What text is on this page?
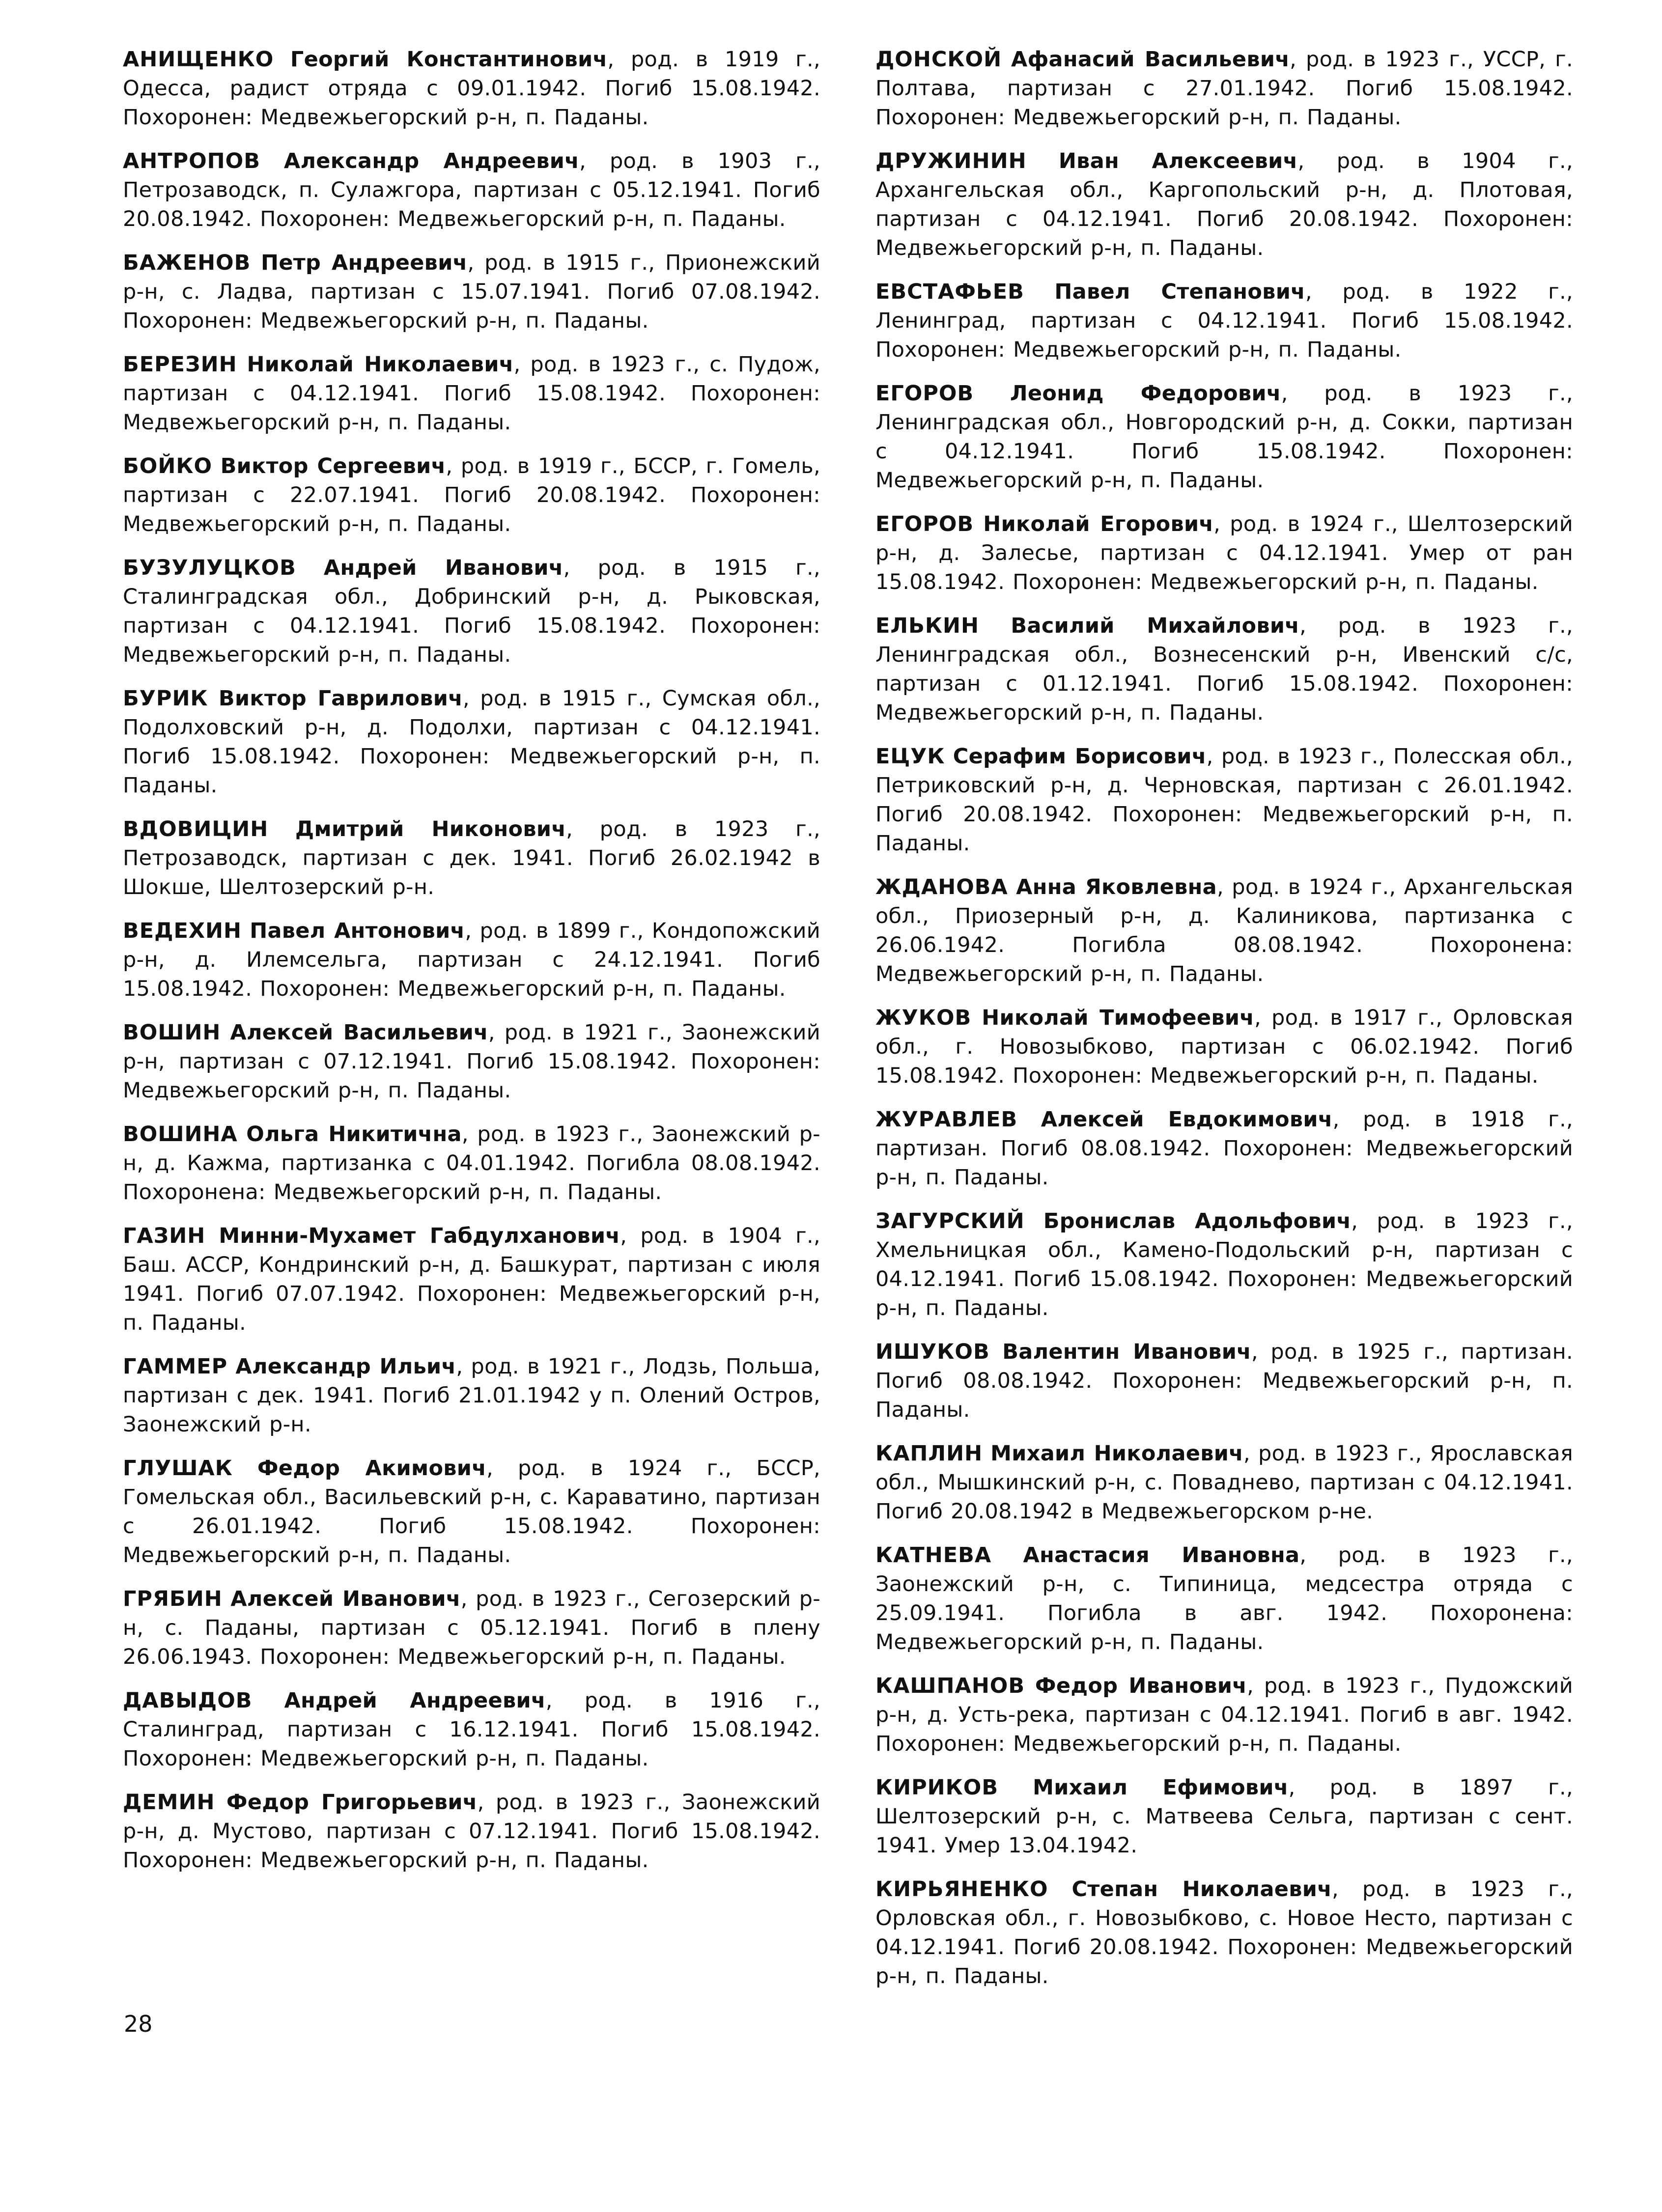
АНИЩЕНКО Георгий Константинович, род. в 1919 г., Одесса, радист отряда с 09.01.1942. Погиб 15.08.1942. Похоронен: Медвежьегорский р-н, п. Паданы.

АНТРОПОВ Александр Андреевич, род. в 1903 г., Петрозаводск, п. Сулажгора, партизан с 05.12.1941. Погиб 20.08.1942. Похоронен: Медвежьегорский р-н, п. Паданы.

БАЖЕНОВ Петр Андреевич, род. в 1915 г., Прионежский р-н, с. Ладва, партизан с 15.07.1941. Погиб 07.08.1942. Похоронен: Медвежьегорский р-н, п. Паданы.

БЕРЕЗИН Николай Николаевич, род. в 1923 г., с. Пудож, партизан с 04.12.1941. Погиб 15.08.1942. Похоронен: Медвежьегорский р-н, п. Паданы.

БОЙКО Виктор Сергеевич, род. в 1919 г., БССР, г. Гомель, партизан с 22.07.1941. Погиб 20.08.1942. Похоронен: Медвежьегорский р-н, п. Паданы.

БУЗУЛУЦКОВ Андрей Иванович, род. в 1915 г., Сталинградская обл., Добринский р-н, д. Рыковская, партизан с 04.12.1941. Погиб 15.08.1942. Похоронен: Медвежьегорский р-н, п. Паданы.

БУРИК Виктор Гаврилович, род. в 1915 г., Сумская обл., Подолховский р-н, д. Подолхи, партизан с 04.12.1941. Погиб 15.08.1942. Похоронен: Медвежьегорский р-н, п. Паданы.

ВДОВИЦИН Дмитрий Никонович, род. в 1923 г., Петрозаводск, партизан с дек. 1941. Погиб 26.02.1942 в Шокше, Шелтозерский р-н.

ВЕДЕХИН Павел Антонович, род. в 1899 г., Кондопожский р-н, д. Илемсельга, партизан с 24.12.1941. Погиб 15.08.1942. Похоронен: Медвежьегорский р-н, п. Паданы.

ВОШИН Алексей Васильевич, род. в 1921 г., Заонежский р-н, партизан с 07.12.1941. Погиб 15.08.1942. Похоронен: Медвежьегорский р-н, п. Паданы.

ВОШИНА Ольга Никитична, род. в 1923 г., Заонежский р-н, д. Кажма, партизанка с 04.01.1942. Погибла 08.08.1942. Похоронена: Медвежьегорский р-н, п. Паданы.

ГАЗИН Минни-Мухамет Габдулханович, род. в 1904 г., Баш. АССР, Кондринский р-н, д. Башкурат, партизан с июля 1941. Погиб 07.07.1942. Похоронен: Медвежьегорский р-н, п. Паданы.

ГАММЕР Александр Ильич, род. в 1921 г., Лодзь, Польша, партизан с дек. 1941. Погиб 21.01.1942 у п. Олений Остров, Заонежский р-н.

ГЛУШАК Федор Акимович, род. в 1924 г., БССР, Гомельская обл., Васильевский р-н, с. Караватино, партизан с 26.01.1942. Погиб 15.08.1942. Похоронен: Медвежьегорский р-н, п. Паданы.

ГРЯБИН Алексей Иванович, род. в 1923 г., Сегозерский р-н, с. Паданы, партизан с 05.12.1941. Погиб в плену 26.06.1943. Похоронен: Медвежьегорский р-н, п. Паданы.

ДАВЫДОВ Андрей Андреевич, род. в 1916 г., Сталинград, партизан с 16.12.1941. Погиб 15.08.1942. Похоронен: Медвежьегорский р-н, п. Паданы.

ДЕМИН Федор Григорьевич, род. в 1923 г., Заонежский р-н, д. Мустово, партизан с 07.12.1941. Погиб 15.08.1942. Похоронен: Медвежьегорский р-н, п. Паданы.

ДОНСКОЙ Афанасий Васильевич, род. в 1923 г., УССР, г. Полтава, партизан с 27.01.1942. Погиб 15.08.1942. Похоронен: Медвежьегорский р-н, п. Паданы.

ДРУЖИНИН Иван Алексеевич, род. в 1904 г., Архангельская обл., Каргопольский р-н, д. Плотовая, партизан с 04.12.1941. Погиб 20.08.1942. Похоронен: Медвежьегорский р-н, п. Паданы.

ЕВСТАФЬЕВ Павел Степанович, род. в 1922 г., Ленинград, партизан с 04.12.1941. Погиб 15.08.1942. Похоронен: Медвежьегорский р-н, п. Паданы.

ЕГОРОВ Леонид Федорович, род. в 1923 г., Ленинградская обл., Новгородский р-н, д. Сокки, партизан с 04.12.1941. Погиб 15.08.1942. Похоронен: Медвежьегорский р-н, п. Паданы.

ЕГОРОВ Николай Егорович, род. в 1924 г., Шелтозерский р-н, д. Залесье, партизан с 04.12.1941. Умер от ран 15.08.1942. Похоронен: Медвежьегорский р-н, п. Паданы.

ЕЛЬКИН Василий Михайлович, род. в 1923 г., Ленинградская обл., Вознесенский р-н, Ивенский с/с, партизан с 01.12.1941. Погиб 15.08.1942. Похоронен: Медвежьегорский р-н, п. Паданы.

ЕЦУК Серафим Борисович, род. в 1923 г., Полесская обл., Петриковский р-н, д. Черновская, партизан с 26.01.1942. Погиб 20.08.1942. Похоронен: Медвежьегорский р-н, п. Паданы.

ЖДАНОВА Анна Яковлевна, род. в 1924 г., Архангельская обл., Приозерный р-н, д. Калиникова, партизанка с 26.06.1942. Погибла 08.08.1942. Похоронена: Медвежьегорский р-н, п. Паданы.

ЖУКОВ Николай Тимофеевич, род. в 1917 г., Орловская обл., г. Новозыбково, партизан с 06.02.1942. Погиб 15.08.1942. Похоронен: Медвежьегорский р-н, п. Паданы.

ЖУРАВЛЕВ Алексей Евдокимович, род. в 1918 г., партизан. Погиб 08.08.1942. Похоронен: Медвежьегорский р-н, п. Паданы.

ЗАГУРСКИЙ Бронислав Адольфович, род. в 1923 г., Хмельницкая обл., Камено-Подольский р-н, партизан с 04.12.1941. Погиб 15.08.1942. Похоронен: Медвежьегорский р-н, п. Паданы.

ИШУКОВ Валентин Иванович, род. в 1925 г., партизан. Погиб 08.08.1942. Похоронен: Медвежьегорский р-н, п. Паданы.

КАПЛИН Михаил Николаевич, род. в 1923 г., Ярославская обл., Мышкинский р-н, с. Поваднево, партизан с 04.12.1941. Погиб 20.08.1942 в Медвежьегорском р-не.

КАТНЕВА Анастасия Ивановна, род. в 1923 г., Заонежский р-н, с. Типиница, медсестра отряда с 25.09.1941. Погибла в авг. 1942. Похоронена: Медвежьегорский р-н, п. Паданы.

КАШПАНОВ Федор Иванович, род. в 1923 г., Пудожский р-н, д. Усть-река, партизан с 04.12.1941. Погиб в авг. 1942. Похоронен: Медвежьегорский р-н, п. Паданы.

КИРИКОВ Михаил Ефимович, род. в 1897 г., Шелтозерский р-н, с. Матвеева Сельга, партизан с сент. 1941. Умер 13.04.1942.

КИРЬЯНЕНКО Степан Николаевич, род. в 1923 г., Орловская обл., г. Новозыбково, с. Новое Несто, партизан с 04.12.1941. Погиб 20.08.1942. Похоронен: Медвежьегорский р-н, п. Паданы.

28
